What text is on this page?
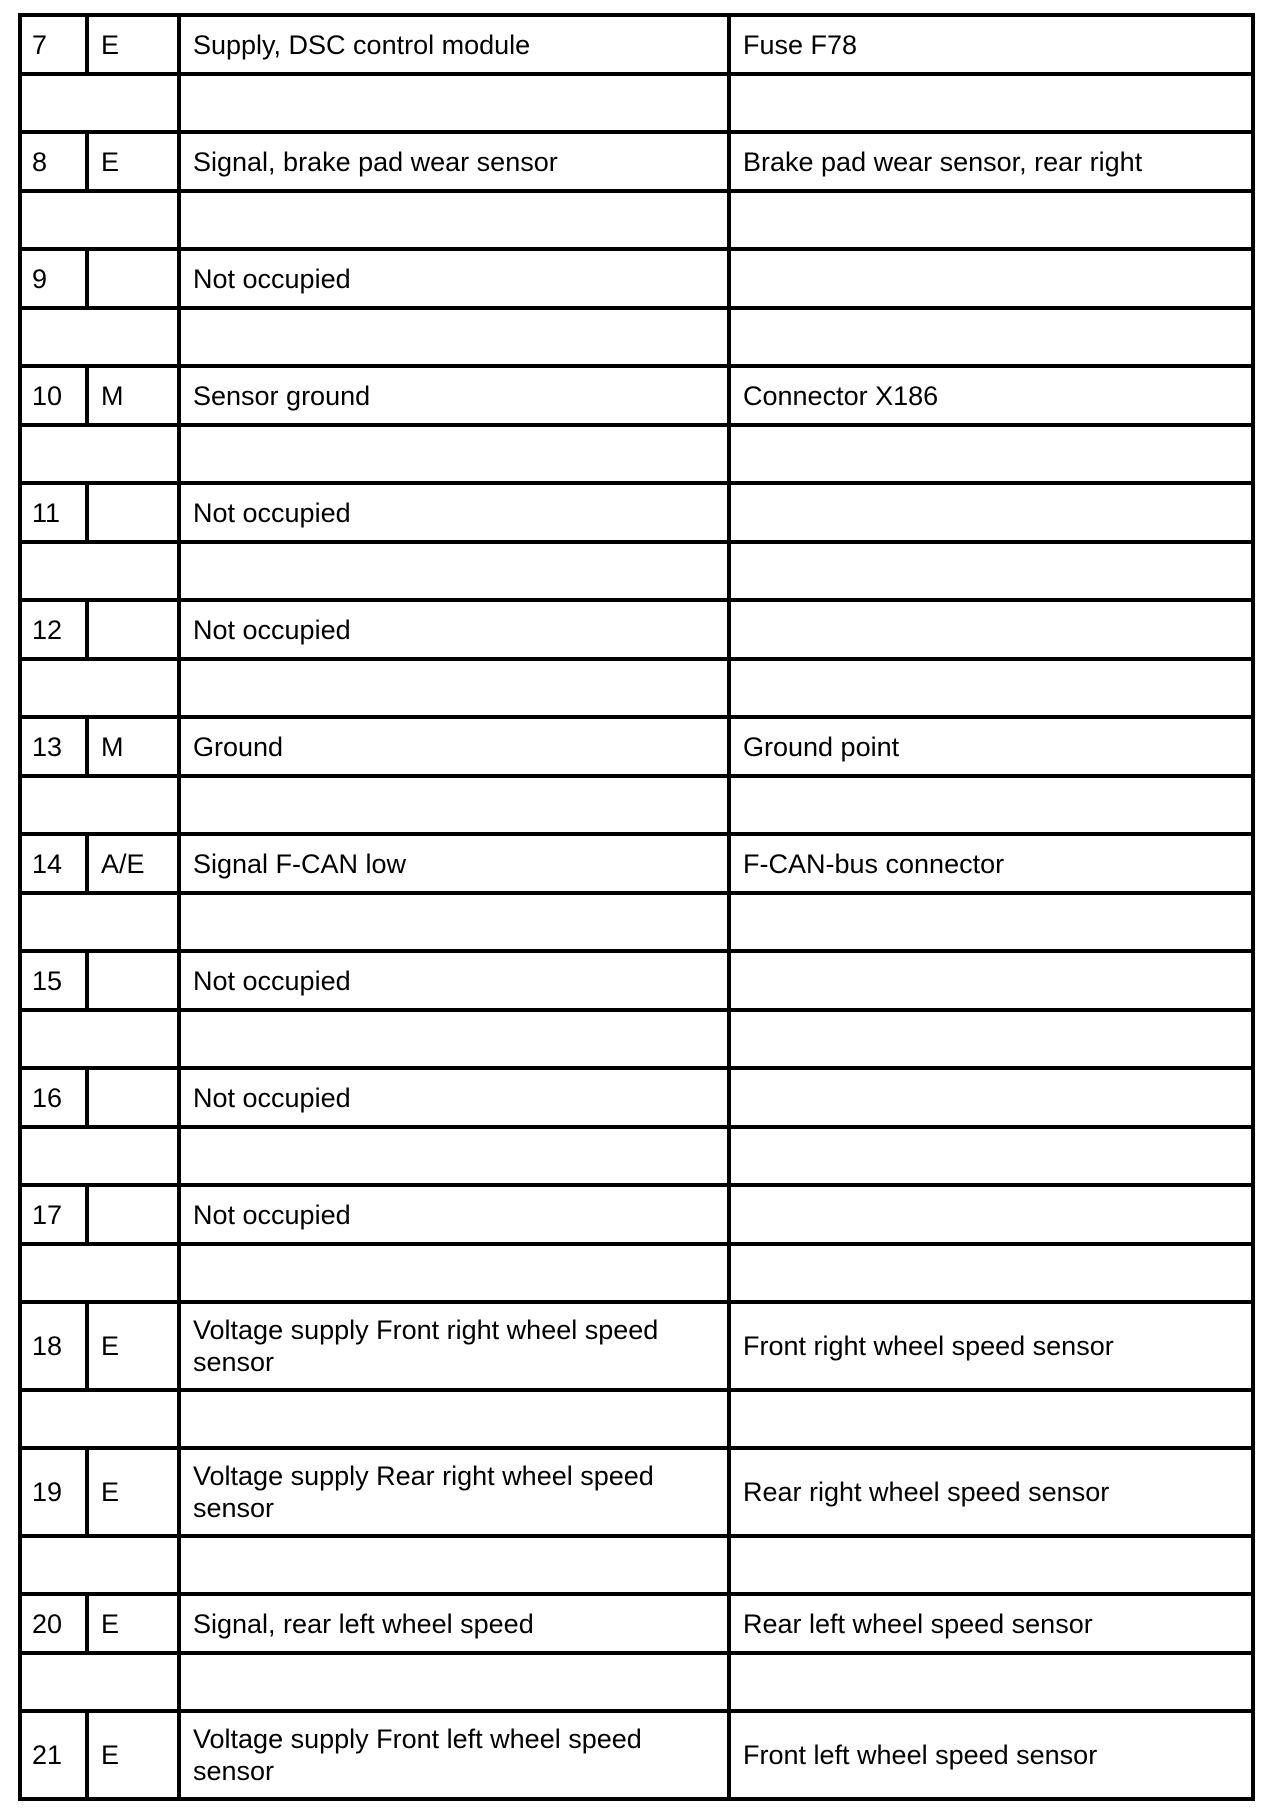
7	E	Supply, DSC control module	Fuse F78

8	E	Signal, brake pad wear sensor	Brake pad wear sensor, rear right

9		Not occupied	

10	M	Sensor ground	Connector X186

11		Not occupied	

12		Not occupied	

13	M	Ground	Ground point

14	A/E	Signal F-CAN low	F-CAN-bus connector

15		Not occupied	

16		Not occupied	

17		Not occupied	

18	E	Voltage supply Front right wheel speed sensor	Front right wheel speed sensor

19	E	Voltage supply Rear right wheel speed sensor	Rear right wheel speed sensor

20	E	Signal, rear left wheel speed	Rear left wheel speed sensor

21	E	Voltage supply Front left wheel speed sensor	Front left wheel speed sensor
